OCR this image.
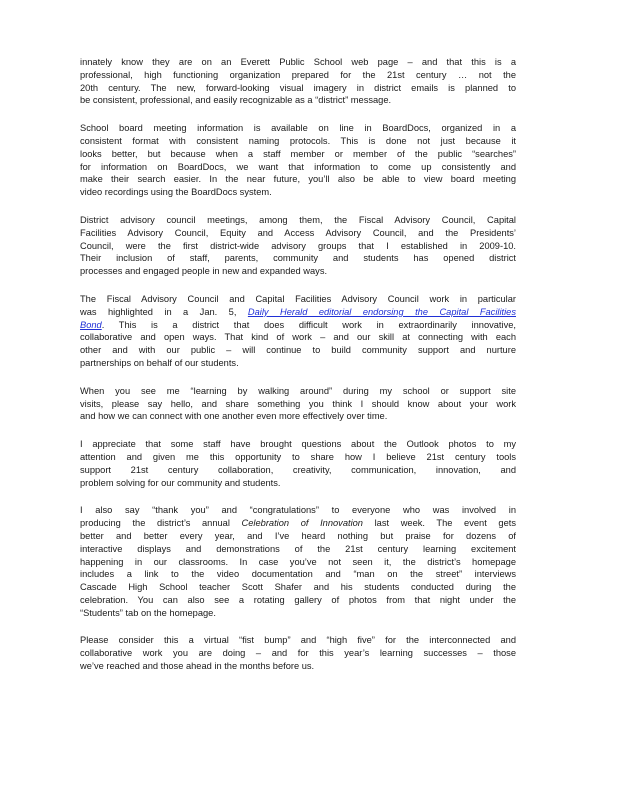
innately know they are on an Everett Public School web page – and that this is a
professional, high functioning organization prepared for the 21st century … not the
20th century. The new, forward-looking visual imagery in district emails is planned to
be consistent, professional, and easily recognizable as a “district” message.
School board meeting information is available on line in BoardDocs, organized in a
consistent format with consistent naming protocols. This is done not just because it
looks better, but because when a staff member or member of the public “searches”
for information on BoardDocs, we want that information to come up consistently and
make their search easier. In the near future, you’ll also be able to view board meeting
video recordings using the BoardDocs system.
District advisory council meetings, among them, the Fiscal Advisory Council, Capital
Facilities Advisory Council, Equity and Access Advisory Council, and the Presidents’
Council, were the first district-wide advisory groups that I established in 2009-10.
Their inclusion of staff, parents, community and students has opened district
processes and engaged people in new and expanded ways.
The Fiscal Advisory Council and Capital Facilities Advisory Council work in particular
was highlighted in a Jan. 5, Daily Herald editorial endorsing the Capital Facilities
Bond. This is a district that does difficult work in extraordinarily innovative,
collaborative and open ways. That kind of work – and our skill at connecting with each
other and with our public – will continue to build community support and nurture
partnerships on behalf of our students.
When you see me “learning by walking around” during my school or support site
visits, please say hello, and share something you think I should know about your work
and how we can connect with one another even more effectively over time.
I appreciate that some staff have brought questions about the Outlook photos to my
attention and given me this opportunity to share how I believe 21st century tools
support 21st century collaboration, creativity, communication, innovation, and
problem solving for our community and students.
I also say “thank you” and “congratulations” to everyone who was involved in
producing the district’s annual Celebration of Innovation last week. The event gets
better and better every year, and I’ve heard nothing but praise for dozens of
interactive displays and demonstrations of the 21st century learning excitement
happening in our classrooms. In case you’ve not seen it, the district’s homepage
includes a link to the video documentation and “man on the street” interviews
Cascade High School teacher Scott Shafer and his students conducted during the
celebration. You can also see a rotating gallery of photos from that night under the
“Students” tab on the homepage.
Please consider this a virtual “fist bump” and “high five” for the interconnected and
collaborative work you are doing – and for this year’s learning successes – those
we’ve reached and those ahead in the months before us.
